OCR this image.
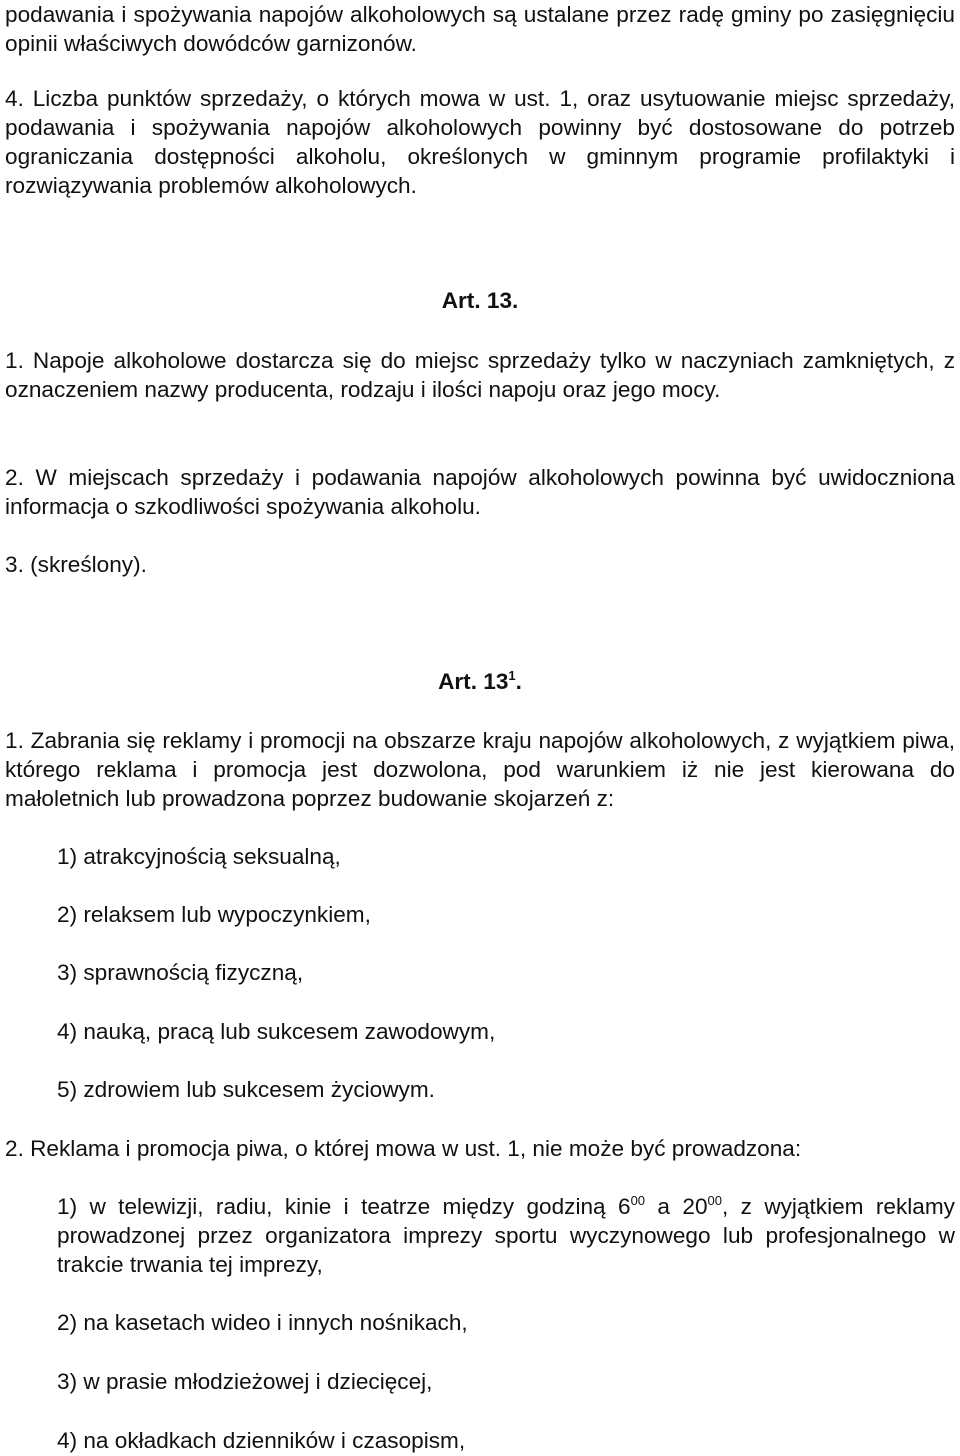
podawania i spożywania napojów alkoholowych są ustalane przez radę gminy po zasięgnięciu opinii właściwych dowódców garnizonów.

4. Liczba punktów sprzedaży, o których mowa w ust. 1, oraz usytuowanie miejsc sprzedaży, podawania i spożywania napojów alkoholowych powinny być dostosowane do potrzeb ograniczania dostępności alkoholu, określonych w gminnym programie profilaktyki i rozwiązywania problemów alkoholowych.

Art. 13.

1. Napoje alkoholowe dostarcza się do miejsc sprzedaży tylko w naczyniach zamkniętych, z oznaczeniem nazwy producenta, rodzaju i ilości napoju oraz jego mocy.

2. W miejscach sprzedaży i podawania napojów alkoholowych powinna być uwidoczniona informacja o szkodliwości spożywania alkoholu.

3. (skreślony).

Art. $13^1$.

1. Zabrania się reklamy i promocji na obszarze kraju napojów alkoholowych, z wyjątkiem piwa, którego reklama i promocja jest dozwolona, pod warunkiem iż nie jest kierowana do małoletnich lub prowadzona poprzez budowanie skojarzeń z:

1) atrakcyjnością seksualną,

2) relaksem lub wypoczynkiem,

3) sprawnością fizyczną,

4) nauką, pracą lub sukcesem zawodowym,

5) zdrowiem lub sukcesem życiowym.

2. Reklama i promocja piwa, o której mowa w ust. 1, nie może być prowadzona:

1) w telewizji, radiu, kinie i teatrze między godziną $6^{00}$ a $20^{00}$, z wyjątkiem reklamy prowadzonej przez organizatora imprezy sportu wyczynowego lub profesjonalnego w trakcie trwania tej imprezy,

2) na kasetach wideo i innych nośnikach,

3) w prasie młodzieżowej i dziecięcej,

4) na okładkach dzienników i czasopism,
